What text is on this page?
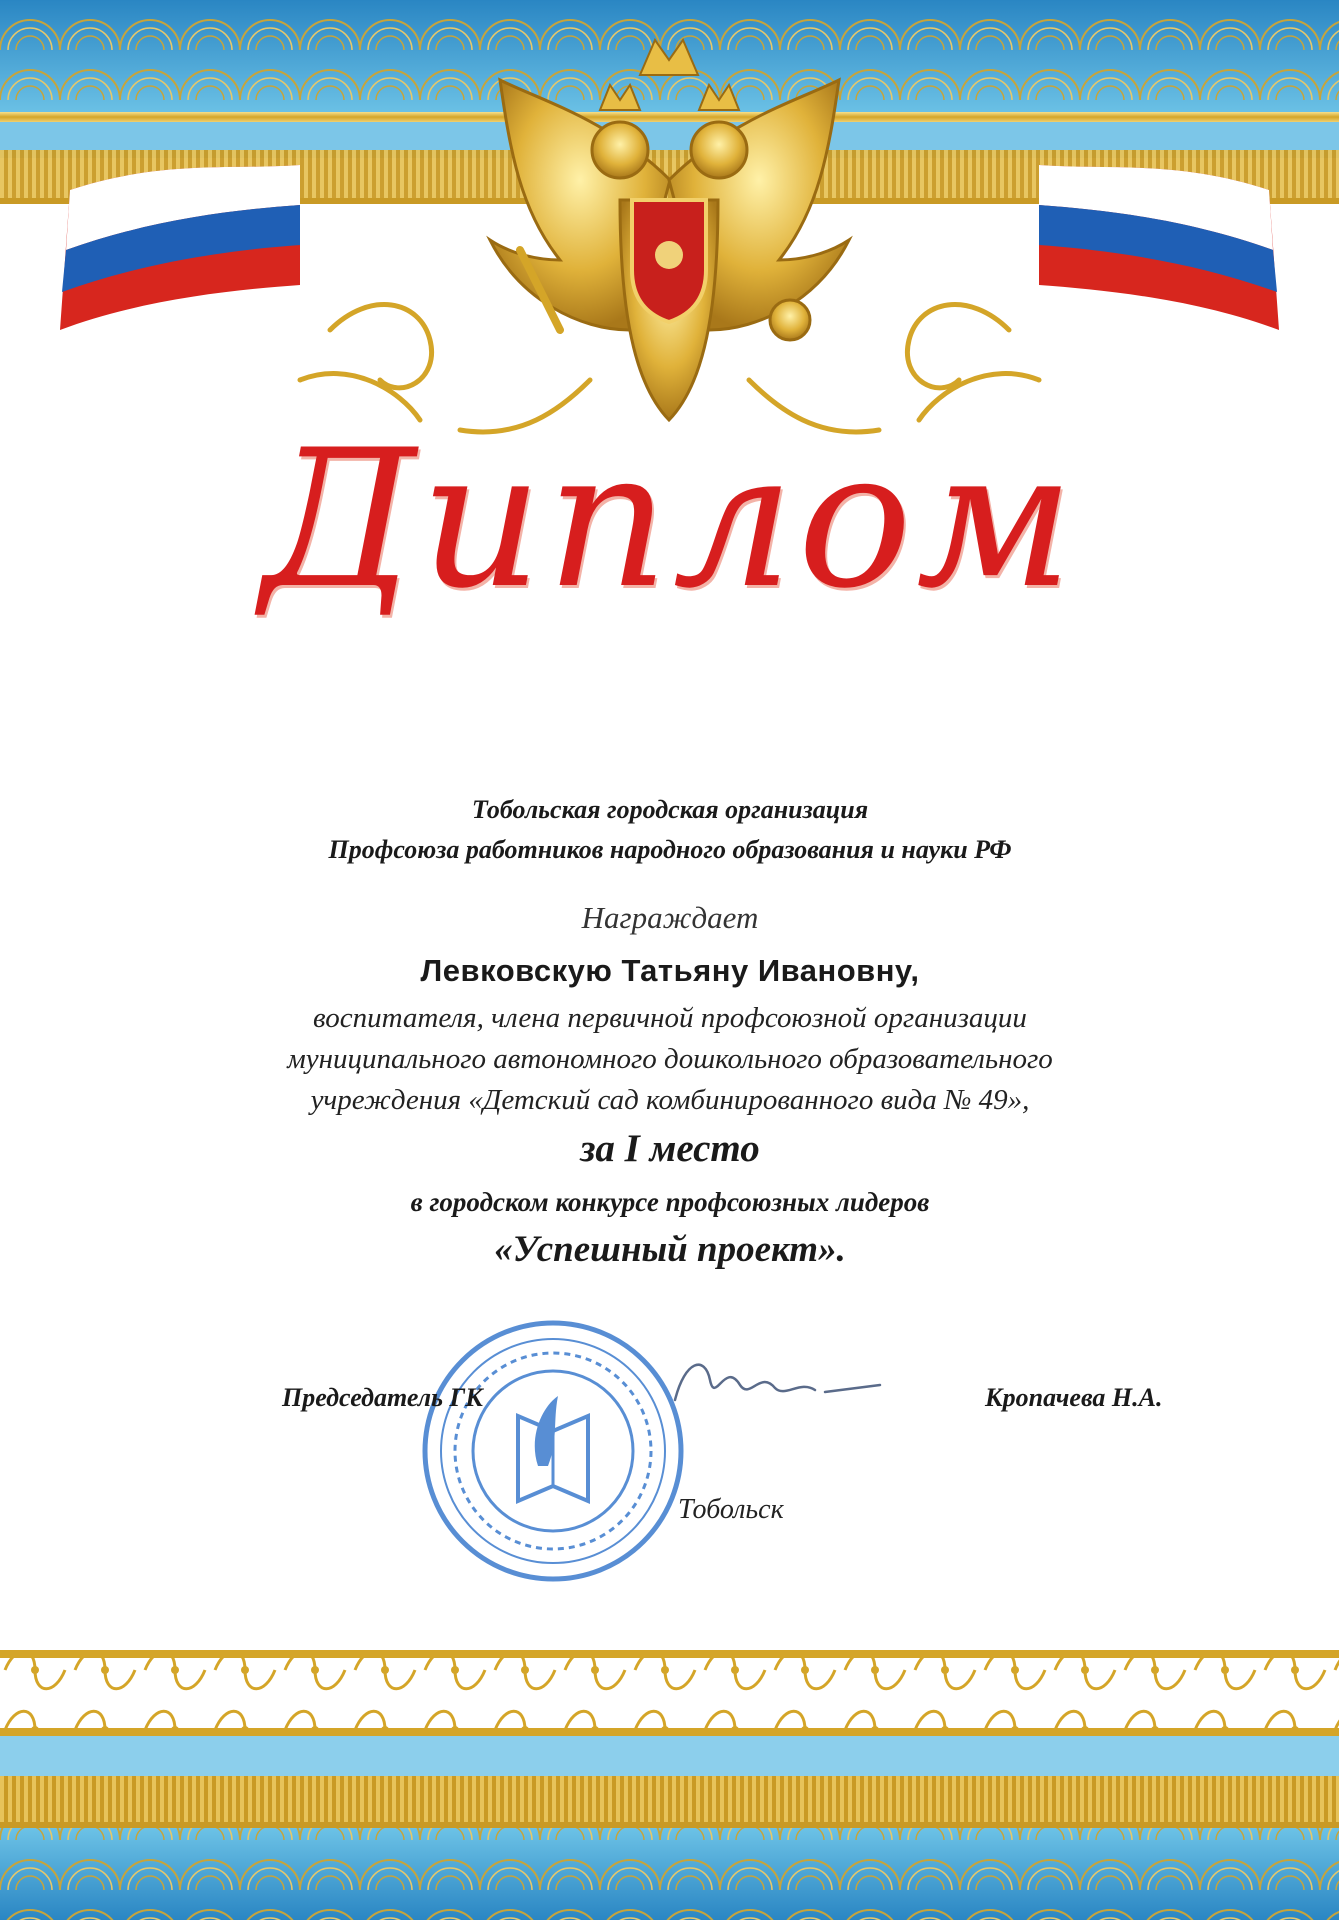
Диплом
Тобольская городская организация
Профсоюза работников народного образования и науки РФ
Награждает
Левковскую Татьяну Ивановну,
воспитателя, члена первичной профсоюзной организации
муниципального автономного дошкольного образовательного
учреждения «Детский сад комбинированного вида № 49»,
за I место
в городском конкурсе профсоюзных лидеров
«Успешный проект».
Председатель ГК	Кропачева Н.А.
Тобольск
